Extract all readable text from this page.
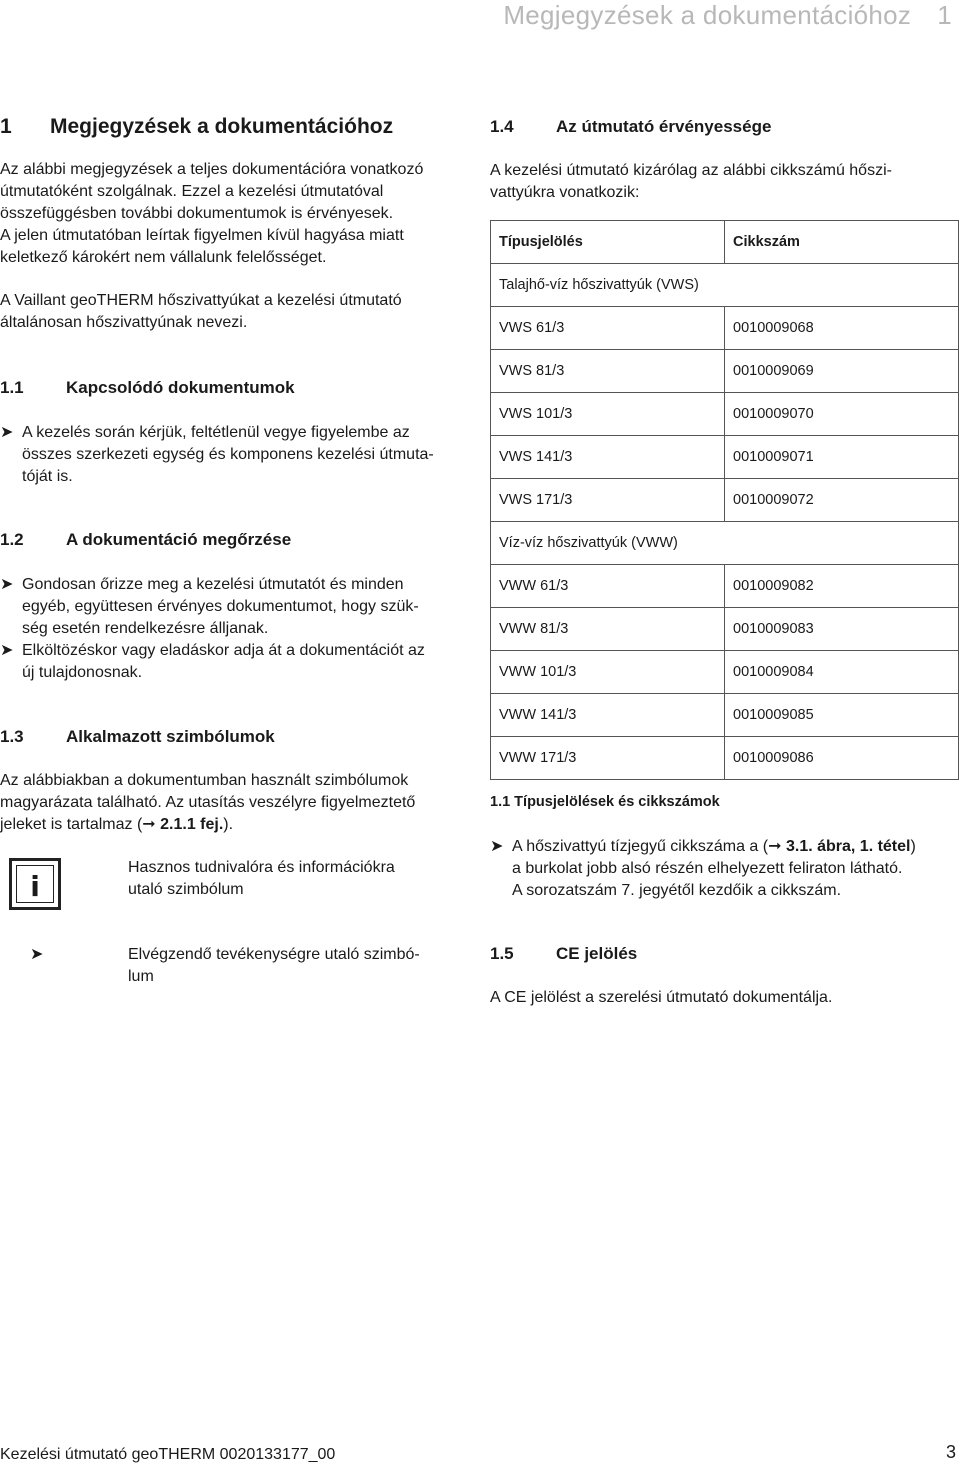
Megjegyzések a dokumentációhoz 1
1 Megjegyzések a dokumentációhoz
Az alábbi megjegyzések a teljes dokumentációra vonatkozó
útmutatóként szolgálnak. Ezzel a kezelési útmutatóval
összefüggésben további dokumentumok is érvényesek.
A jelen útmutatóban leírtak figyelmen kívül hagyása miatt
keletkező károkért nem vállalunk felelősséget.
A Vaillant geoTHERM hőszivattyúkat a kezelési útmutató
általánosan hőszivattyúnak nevezi.
1.1 Kapcsolódó dokumentumok
➤ A kezelés során kérjük, feltétlenül vegye figyelembe az
összes szerkezeti egység és komponens kezelési útmuta-
tóját is.
1.2 A dokumentáció megőrzése
➤ Gondosan őrizze meg a kezelési útmutatót és minden
egyéb, együttesen érvényes dokumentumot, hogy szük-
ség esetén rendelkezésre álljanak.
➤ Elköltözéskor vagy eladáskor adja át a dokumentációt az
új tulajdonosnak.
1.3 Alkalmazott szimbólumok
Az alábbiakban a dokumentumban használt szimbólumok
magyarázata található. Az utasítás veszélyre figyelmeztető
jeleket is tartalmaz (➞ 2.1.1 fej.).
i
Hasznos tudnivalóra és információkra
utaló szimbólum
➤	Elvégzendő tevékenységre utaló szimbó-
lum
1.4 Az útmutató érvényessége
A kezelési útmutató kizárólag az alábbi cikkszámú hőszi-
vattyúkra vonatkozik:
Típusjelölés	Cikkszám
Talajhő-víz hőszivattyúk (VWS)	
VWS 61/3	0010009068
VWS 81/3	0010009069
VWS 101/3	0010009070
VWS 141/3	0010009071
VWS 171/3	0010009072
Víz-víz hőszivattyúk (VWW)	
VWW 61/3	0010009082
VWW 81/3	0010009083
VWW 101/3	0010009084
VWW 141/3	0010009085
VWW 171/3	0010009086
1.1 Típusjelölések és cikkszámok
➤ A hőszivattyú tízjegyű cikkszáma a (➞ 3.1. ábra, 1. tétel)
a burkolat jobb alsó részén elhelyezett feliraton látható.
A sorozatszám 7. jegyétől kezdőik a cikkszám.
1.5 CE jelölés
A CE jelölést a szerelési útmutató dokumentálja.
Kezelési útmutató geoTHERM 0020133177_00	3
